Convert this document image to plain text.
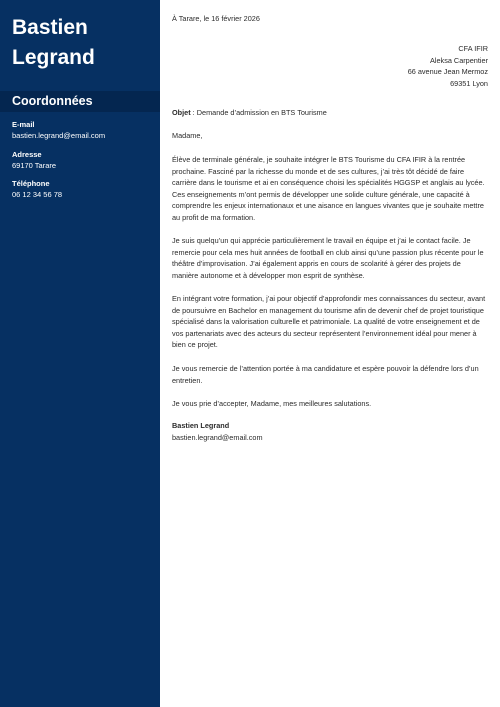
Bastien
Legrand
Coordonnées
E-mail
bastien.legrand@email.com
Adresse
69170 Tarare
Téléphone
06 12 34 56 78
À Tarare, le 16 février 2026
CFA IFIR
Aleksa Carpentier
66 avenue Jean Mermoz
69351 Lyon
Objet : Demande d’admission en BTS Tourisme
Madame,

Élève de terminale générale, je souhaite intégrer le BTS Tourisme du CFA IFIR à la rentrée prochaine. Fasciné par la richesse du monde et de ses cultures, j’ai très tôt décidé de faire carrière dans le tourisme et ai en conséquence choisi les spécialités HGGSP et anglais au lycée. Ces enseignements m’ont permis de développer une solide culture générale, une capacité à comprendre les enjeux internationaux et une aisance en langues vivantes que je souhaite mettre au profit de ma formation.

Je suis quelqu’un qui apprécie particulièrement le travail en équipe et j’ai le contact facile. Je remercie pour cela mes huit années de football en club ainsi qu’une passion plus récente pour le théâtre d’improvisation. J’ai également appris en cours de scolarité à gérer des projets de manière autonome et à développer mon esprit de synthèse.

En intégrant votre formation, j’ai pour objectif d’approfondir mes connaissances du secteur, avant de poursuivre en Bachelor en management du tourisme afin de devenir chef de projet touristique spécialisé dans la valorisation culturelle et patrimoniale. La qualité de votre enseignement et de vos partenariats avec des acteurs du secteur représentent l’environnement idéal pour mener à bien ce projet.

Je vous remercie de l’attention portée à ma candidature et espère pouvoir la défendre lors d’un entretien.

Je vous prie d’accepter, Madame, mes meilleures salutations.

Bastien Legrand
bastien.legrand@email.com
